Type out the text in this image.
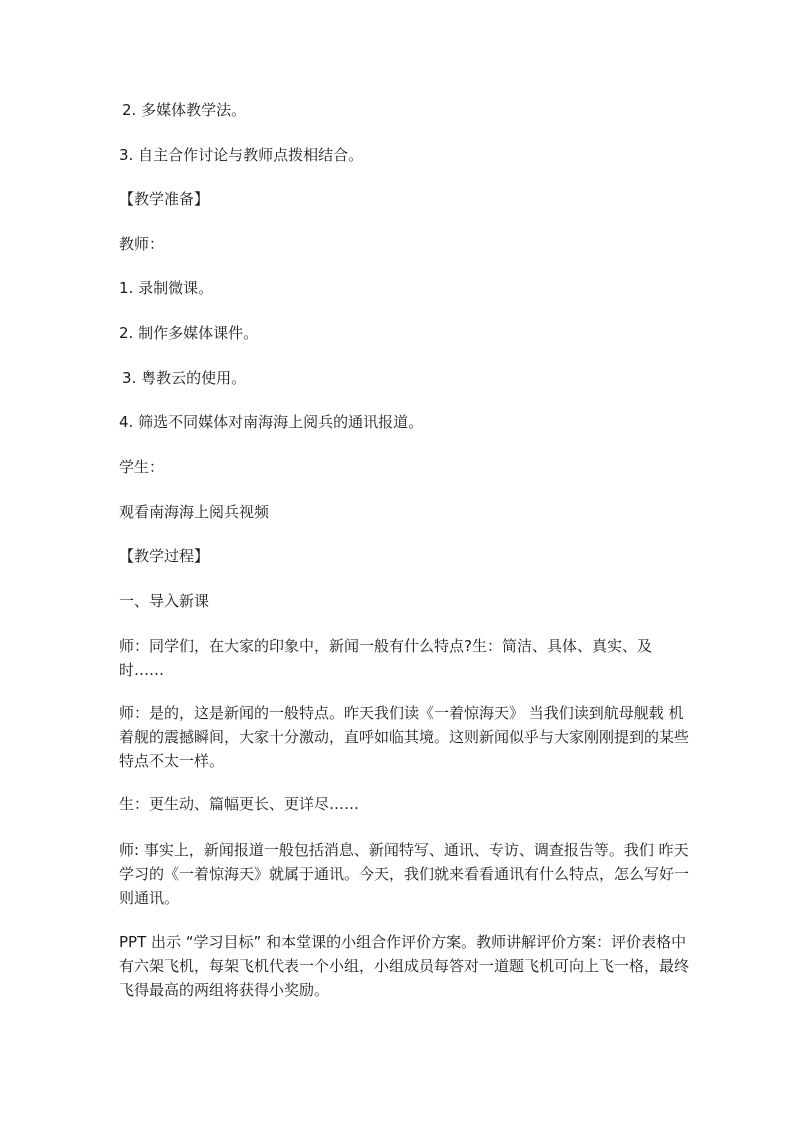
2. 多媒体教学法。

3. 自主合作讨论与教师点拨相结合。

【教学准备】

教师：

1. 录制微课。

2. 制作多媒体课件。

3. 粤教云的使用。

4. 筛选不同媒体对南海海上阅兵的通讯报道。

学生：

观看南海海上阅兵视频

【教学过程】

一、导入新课

师：同学们，在大家的印象中，新闻一般有什么特点?生：简洁、具体、真实、及时……

师：是的，这是新闻的一般特点。昨天我们读《一着惊海天》 当我们读到航母舰载 机着舰的震撼瞬间，大家十分激动，直呼如临其境。这则新闻似乎与大家刚刚提到的某些特点不太一样。

生：更生动、篇幅更长、更详尽……

师: 事实上，新闻报道一般包括消息、新闻特写、通讯、专访、调查报告等。我们 昨天学习的《一着惊海天》就属于通讯。今天，我们就来看看通讯有什么特点，怎么写好一则通讯。

PPT 出示 “学习目标” 和本堂课的小组合作评价方案。教师讲解评价方案：评价表格中有六架飞机，每架飞机代表一个小组，小组成员每答对一道题飞机可向上飞一格，最终飞得最高的两组将获得小奖励。
